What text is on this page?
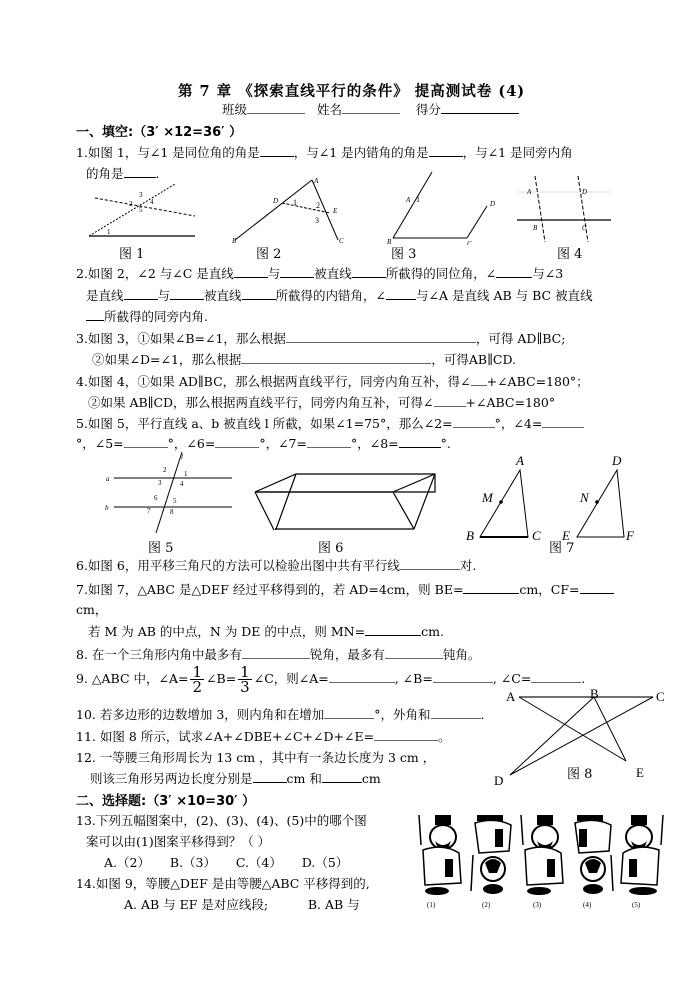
第 7 章 《探索直线平行的条件》 提高测试卷 (4)
班级	姓名	得分
一、填空:（3′ ×12=36′ ）
1.如图 1，与∠1 是同位角的角是	，与∠1 是内错角的角是	，与∠1 是同旁内角
的角是	.
1
2
3
4
5
图 1
A
B	C
D
E
1 2
3
图 2
A 1
B	C
D
图 3
A
B	C
D
图 4
2.如图 2，∠2 与∠C 是直线	与	被直线	所截得的同位角，∠	与∠3
是直线	与	被直线	所截得的内错角，∠ 与∠A 是直线 AB 与 BC 被直线
所截得的同旁内角.
3.如图 3，①如果∠B=∠1，那么根据	，可得 AD∥BC;
②如果∠D=∠1，那么根据	，可得AB∥CD.
4.如图 4，①如果 AD∥BC，那么根据两直线平行，同旁内角互补，得∠ +∠ABC=180°；
②如果 AB∥CD，那么根据两直线平行，同旁内角互补，可得∠	+∠ABC=180°
5.如图 5，平行直线 a、b 被直线 l 所截，如果∠1=75°，那么∠2=	°，∠4=
°，∠5=	°，∠6=	°，∠7=	°，∠8=	°.
a
b
l
1
2
3	4
5
6
7	8
图 5	图 6
A
B	C
M
D
E	F
N
图 7
6.如图 6，用平移三角尺的方法可以检验出图中共有平行线	对.
7.如图 7，△ABC 是△DEF 经过平移得到的，若 AD=4cm，则 BE=	cm，CF=
cm，
若 M 为 AB 的中点，N 为 DE 的中点，则 MN=	cm.
8. 在一个三角形内角中最多有	锐角，最多有	钝角。
9. △ABC 中，∠A= $\frac{1}{2}$ ∠B= $\frac{1}{3}$ ∠C，则∠A=	, ∠B=	, ∠C=	.
10. 若多边形的边数增加 3，则内角和在增加	°，外角和	.
11. 如图 8 所示，试求∠A+∠DBE+∠C+∠D+∠E=	。
12. 一等腰三角形周长为 13 cm ，其中有一条边长度为 3 cm ，
则该三角形另两边长度分别是	cm 和	cm
A	B	C
D
E
图 8
二、选择题:（3′ ×10=30′ ）
13.下列五幅图案中，(2)、(3)、(4)、(5)中的哪个图
案可以由(1)图案平移得到？（ ）
A.（2） B.（3） C.（4） D.（5）
14.如图 9，等腰△DEF 是由等腰△ABC 平移得到的,
A. AB 与 EF 是对应线段;	B. AB 与	(1)	(2)	(3)	(4)	(5)
